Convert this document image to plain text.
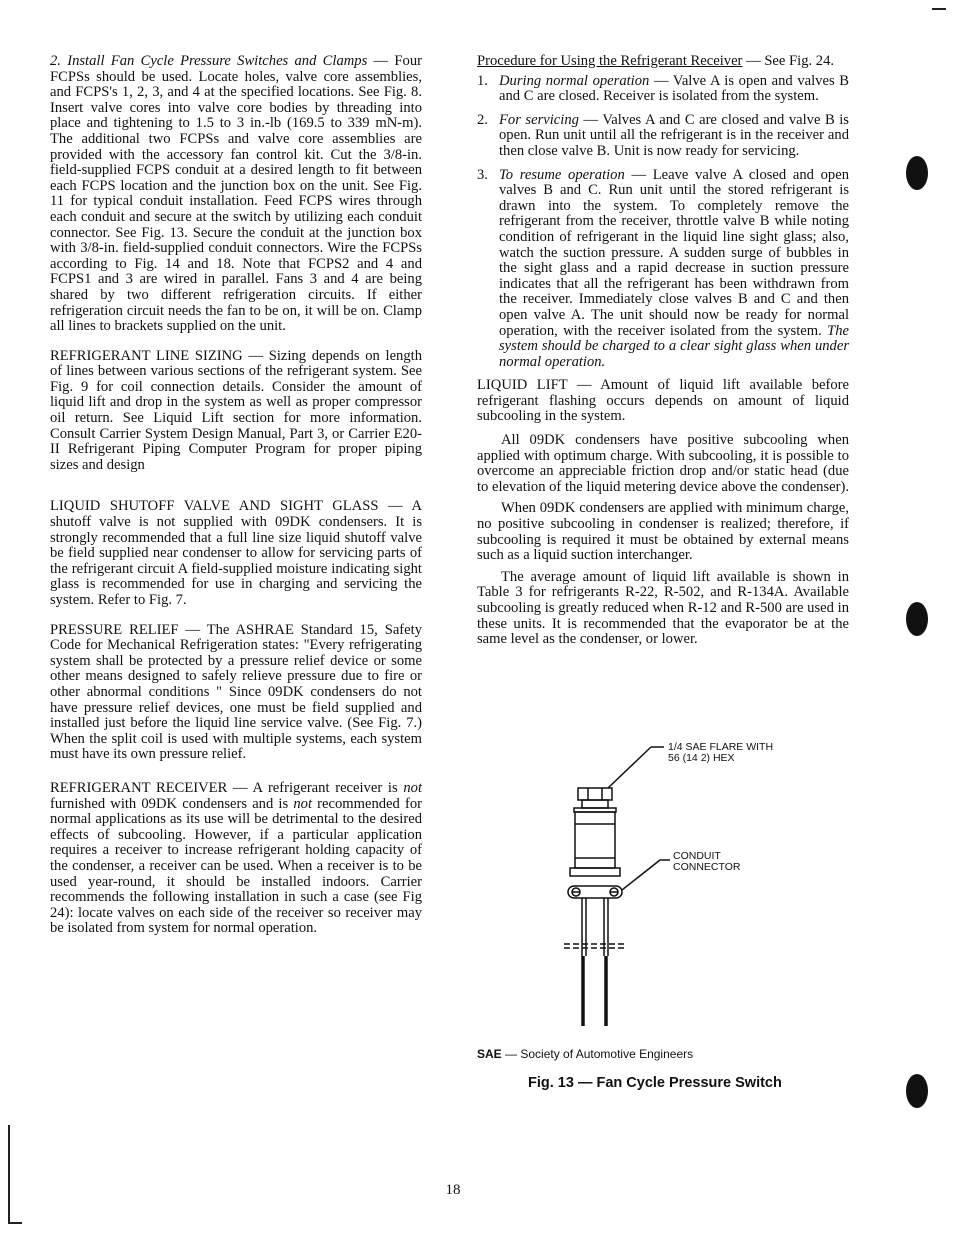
2. Install Fan Cycle Pressure Switches and Clamps — Four FCPSs should be used. Locate holes, valve core assemblies, and FCPS's 1, 2, 3, and 4 at the specified locations. See Fig. 8. Insert valve cores into valve core bodies by threading into place and tightening to 1.5 to 3 in.-lb (169.5 to 339 mN-m). The additional two FCPSs and valve core assemblies are provided with the accessory fan control kit. Cut the 3/8-in. field-supplied FCPS conduit at a desired length to fit between each FCPS location and the junction box on the unit. See Fig. 11 for typical conduit installation. Feed FCPS wires through each conduit and secure at the switch by utilizing each conduit connector. See Fig. 13. Secure the conduit at the junction box with 3/8-in. field-supplied conduit connectors. Wire the FCPSs according to Fig. 14 and 18. Note that FCPS2 and 4 and FCPS1 and 3 are wired in parallel. Fans 3 and 4 are being shared by two different refrigeration circuits. If either refrigeration circuit needs the fan to be on, it will be on. Clamp all lines to brackets supplied on the unit.

REFRIGERANT LINE SIZING — Sizing depends on length of lines between various sections of the refrigerant system. See Fig. 9 for coil connection details. Consider the amount of liquid lift and drop in the system as well as proper compressor oil return. See Liquid Lift section for more information. Consult Carrier System Design Manual, Part 3, or Carrier E20-II Refrigerant Piping Computer Program for proper piping sizes and design

LIQUID SHUTOFF VALVE AND SIGHT GLASS — A shutoff valve is not supplied with 09DK condensers. It is strongly recommended that a full line size liquid shutoff valve be field supplied near condenser to allow for servicing parts of the refrigerant circuit A field-supplied moisture indicating sight glass is recommended for use in charging and servicing the system. Refer to Fig. 7.

PRESSURE RELIEF — The ASHRAE Standard 15, Safety Code for Mechanical Refrigeration states: "Every refrigerating system shall be protected by a pressure relief device or some other means designed to safely relieve pressure due to fire or other abnormal conditions " Since 09DK condensers do not have pressure relief devices, one must be field supplied and installed just before the liquid line service valve. (See Fig. 7.) When the split coil is used with multiple systems, each system must have its own pressure relief.

REFRIGERANT RECEIVER — A refrigerant receiver is not furnished with 09DK condensers and is not recommended for normal applications as its use will be detrimental to the desired effects of subcooling. However, if a particular application requires a receiver to increase refrigerant holding capacity of the condenser, a receiver can be used. When a receiver is to be used year-round, it should be installed indoors. Carrier recommends the following installation in such a case (see Fig 24): locate valves on each side of the receiver so receiver may be isolated from system for normal operation.

Procedure for Using the Refrigerant Receiver — See Fig. 24.

1. During normal operation — Valve A is open and valves B and C are closed. Receiver is isolated from the system.
2. For servicing — Valves A and C are closed and valve B is open. Run unit until all the refrigerant is in the receiver and then close valve B. Unit is now ready for servicing.
3. To resume operation — Leave valve A closed and open valves B and C. Run unit until the stored refrigerant is drawn into the system. To completely remove the refrigerant from the receiver, throttle valve B while noting condition of refrigerant in the liquid line sight glass; also, watch the suction pressure. A sudden surge of bubbles in the sight glass and a rapid decrease in suction pressure indicates that all the refrigerant has been withdrawn from the receiver. Immediately close valves B and C and then open valve A. The unit should now be ready for normal operation, with the receiver isolated from the system. The system should be charged to a clear sight glass when under normal operation.

LIQUID LIFT — Amount of liquid lift available before refrigerant flashing occurs depends on amount of liquid subcooling in the system.

All 09DK condensers have positive subcooling when applied with optimum charge. With subcooling, it is possible to overcome an appreciable friction drop and/or static head (due to elevation of the liquid metering device above the condenser).

When 09DK condensers are applied with minimum charge, no positive subcooling in condenser is realized; therefore, if subcooling is required it must be obtained by external means such as a liquid suction interchanger.

The average amount of liquid lift available is shown in Table 3 for refrigerants R-22, R-502, and R-134A. Available subcooling is greatly reduced when R-12 and R-500 are used in these units. It is recommended that the evaporator be at the same level as the condenser, or lower.

1/4 SAE FLARE WITH
56 (14 2) HEX
CONDUIT
CONNECTOR
SAE — Society of Automotive Engineers
Fig. 13 — Fan Cycle Pressure Switch
18
